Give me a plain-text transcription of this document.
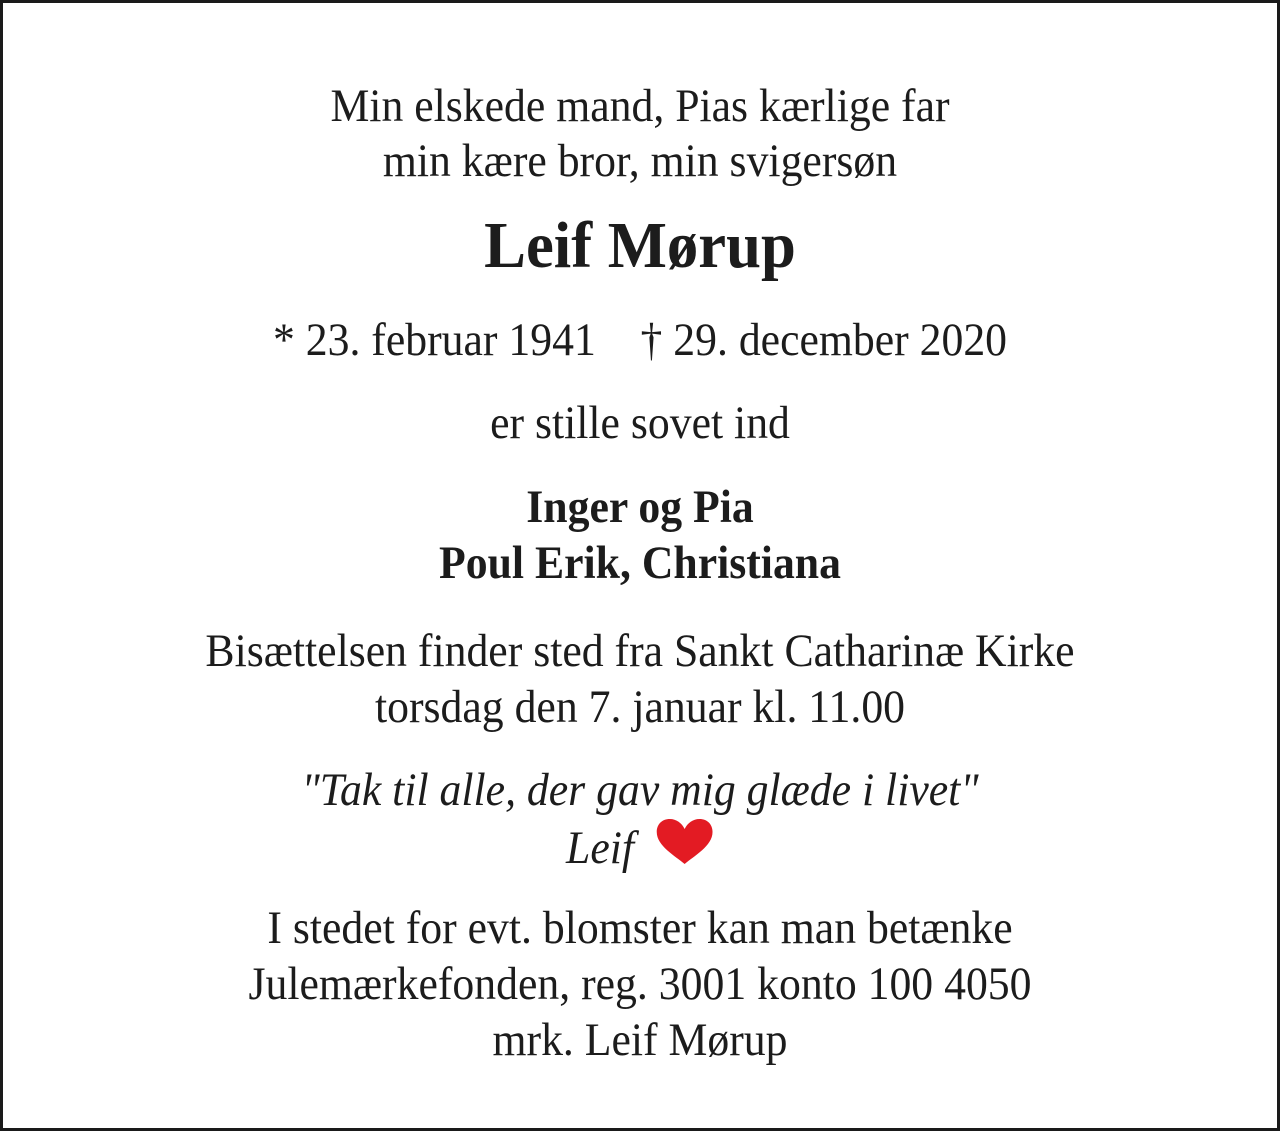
Min elskede mand, Pias kærlige far
min kære bror, min svigersøn
Leif Mørup
* 23. februar 1941 † 29. december 2020
er stille sovet ind
Inger og Pia
Poul Erik, Christiana
Bisættelsen finder sted fra Sankt Catharinæ Kirke
torsdag den 7. januar kl. 11.00
"Tak til alle, der gav mig glæde i livet"
Leif
I stedet for evt. blomster kan man betænke
Julemærkefonden, reg. 3001 konto 100 4050
mrk. Leif Mørup
